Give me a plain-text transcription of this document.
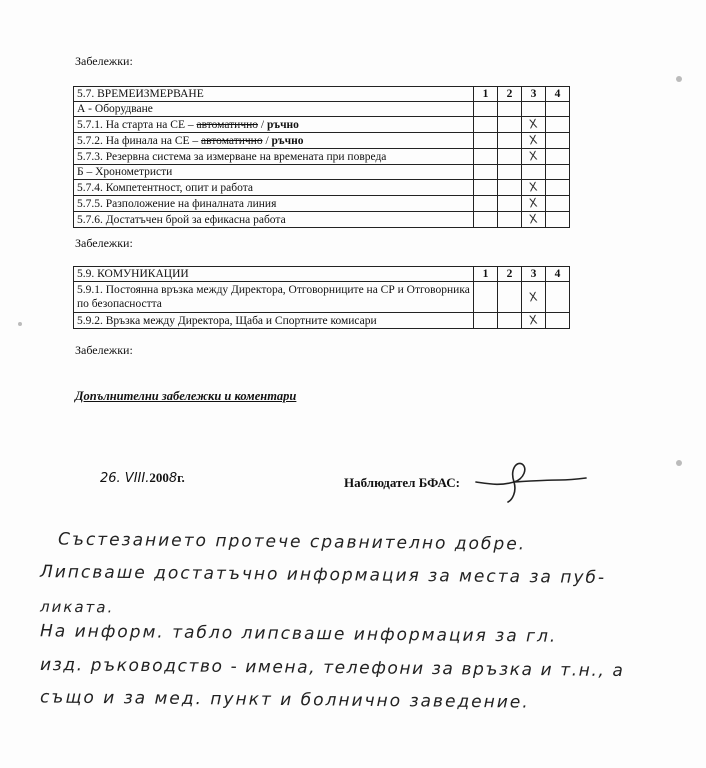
Забележки:
5.7. ВРЕМЕИЗМЕРВАНЕ	1	2	3	4
А - Оборудване				
5.7.1. На старта на СЕ – автоматично / ръчно			X	
5.7.2. На финала на СЕ – автоматично / ръчно			X	
5.7.3. Резервна система за измерване на времената при повреда			X	
Б – Хронометристи				
5.7.4. Компетентност, опит и работа			X	
5.7.5. Разположение на финалната линия			X	
5.7.6. Достатъчен брой за ефикасна работа			X	
Забележки:
5.9. КОМУНИКАЦИИ	1	2	3	4
5.9.1. Постоянна връзка между Директора, Отговорниците на СР и Отговорника по безопасността			X	
5.9.2. Връзка между Директора, Щаба и Спортните комисари			X	
Забележки:
Допълнителни забележки и коментари
26. VIII.2008г.	Наблюдател БФАС:
Състезанието протече сравнително добре.
Липсваше достатъчно информация за места за пуб-
ликата.
На информ. табло липсваше информация за гл.
изд. ръководство - имена, телефони за връзка и т.н., а
също и за мед. пункт и болнично заведение.
